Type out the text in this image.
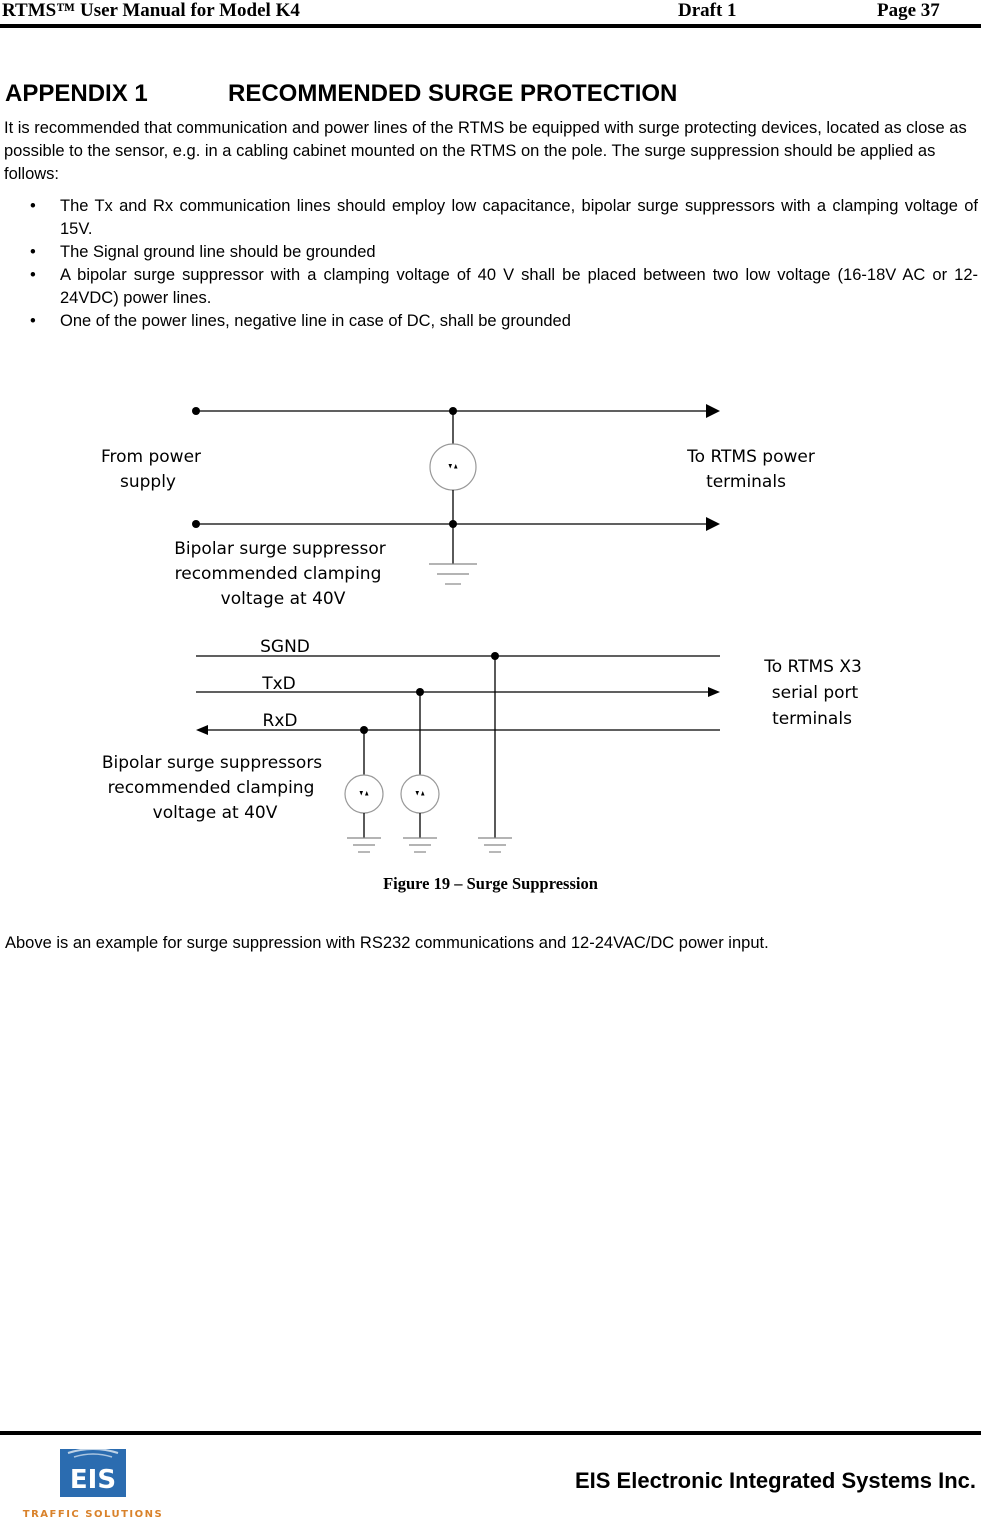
RTMS™ User Manual for Model K4	Draft 1	Page 37
APPENDIX 1	RECOMMENDED SURGE PROTECTION

It is recommended that communication and power lines of the RTMS be equipped with surge protecting devices, located as close as possible to the sensor, e.g. in a cabling cabinet mounted on the RTMS on the pole. The surge suppression should be applied as follows:

• The Tx and Rx communication lines should employ low capacitance, bipolar surge suppressors with a clamping voltage of 15V.
• The Signal ground line should be grounded
• A bipolar surge suppressor with a clamping voltage of 40 V shall be placed between two low voltage (16-18V AC or 12-24VDC) power lines.
• One of the power lines, negative line in case of DC, shall be grounded
From power
supply
To RTMS power
terminals
Bipolar surge suppressor
recommended clamping
voltage at 40V
SGND
TxD
RxD
To RTMS X3
serial port
terminals
Bipolar surge suppressors
recommended clamping
voltage at 40V
Figure 19 – Surge Suppression
Above is an example for surge suppression with RS232 communications and 12-24VAC/DC power input.
EIS
TRAFFIC SOLUTIONS
EIS Electronic Integrated Systems Inc.
